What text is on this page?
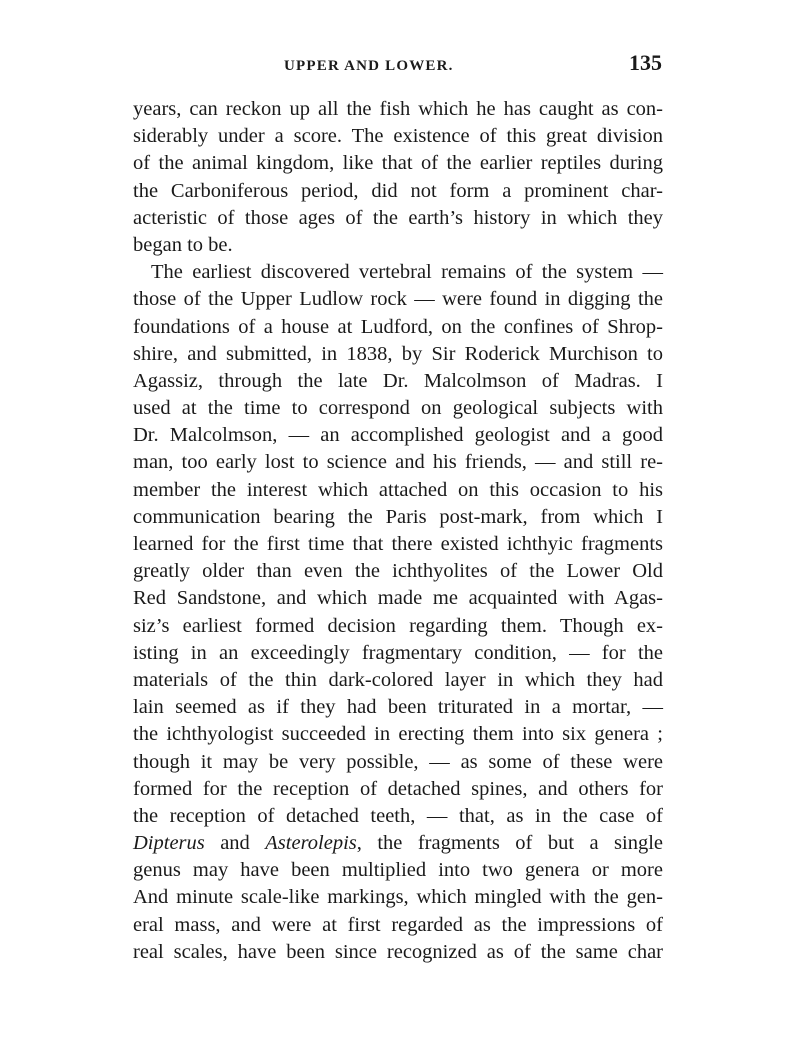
UPPER AND LOWER.	135
years, can reckon up all the fish which he has caught as con-
siderably under a score. The existence of this great division
of the animal kingdom, like that of the earlier reptiles during
the Carboniferous period, did not form a prominent char-
acteristic of those ages of the earth’s history in which they
began to be.
The earliest discovered vertebral remains of the system —
those of the Upper Ludlow rock — were found in digging the
foundations of a house at Ludford, on the confines of Shrop-
shire, and submitted, in 1838, by Sir Roderick Murchison to
Agassiz, through the late Dr. Malcolmson of Madras. I
used at the time to correspond on geological subjects with
Dr. Malcolmson, — an accomplished geologist and a good
man, too early lost to science and his friends, — and still re-
member the interest which attached on this occasion to his
communication bearing the Paris post-mark, from which I
learned for the first time that there existed ichthyic fragments
greatly older than even the ichthyolites of the Lower Old
Red Sandstone, and which made me acquainted with Agas-
siz’s earliest formed decision regarding them. Though ex-
isting in an exceedingly fragmentary condition, — for the
materials of the thin dark-colored layer in which they had
lain seemed as if they had been triturated in a mortar, —
the ichthyologist succeeded in erecting them into six genera ;
though it may be very possible, — as some of these were
formed for the reception of detached spines, and others for
the reception of detached teeth, — that, as in the case of
Dipterus and Asterolepis, the fragments of but a single
genus may have been multiplied into two genera or more
And minute scale-like markings, which mingled with the gen-
eral mass, and were at first regarded as the impressions of
real scales, have been since recognized as of the same char
